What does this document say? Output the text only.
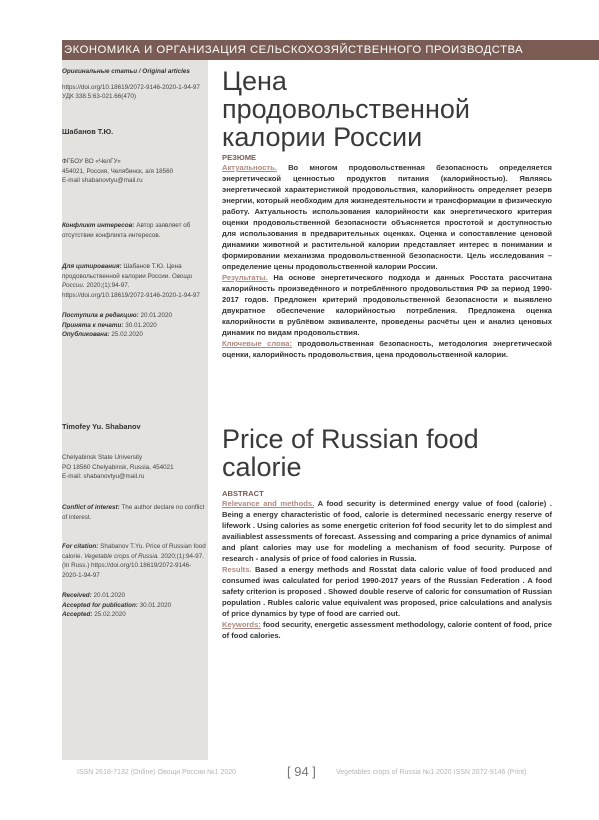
ЭКОНОМИКА И ОРГАНИЗАЦИЯ СЕЛЬСКОХОЗЯЙСТВЕННОГО ПРОИЗВОДСТВА

Оригинальные статьи / Original articles

https://doi.org/10.18619/2072-9146-2020-1-94-97

УДК 338.5:63-021.66(470)

Шабанов Т.Ю.

ФГБОУ ВО «ЧелГУ»

454021, Россия, Челябинск, а/я 18560

E-mail shabanovtyu@mail.ru

Конфликт интересов: Автор заявляет об отсутствии конфликта интересов.

Для цитирования: Шабанов Т.Ю. Цена продовольственной калории России. Овощи России. 2020;(1):94-97. https://doi.org/10.18619/2072-9146-2020-1-94-97

Поступила в редакцию: 20.01.2020

Принята к печати: 30.01.2020

Опубликована: 25.02.2020

Timofey Yu. Shabanov

Chelyabinsk State University

PO 18560 Chelyabinsk, Russia, 454021

E-mail: shabanovtyu@mail.ru

Conflict of interest: The author declare no conflict of interest.

For citation: Shabanov T.Yu. Price of Russian food calorie. Vegetable crops of Russia. 2020;(1):94-97. (In Russ.) https://doi.org/10.18619/2072-9146-2020-1-94-97

Received: 20.01.2020

Accepted for publication: 30.01.2020

Accepted: 25.02.2020

Цена продовольственной калории России

РЕЗЮМЕ

Актуальность. Во многом продовольственная безопасность определяется энергетической ценностью продуктов питания (калорийностью). Являясь энергетической характеристикой продовольствия, калорийность определяет резерв энергии, который необходим для жизнедеятельности и трансформации в физическую работу. Актуальность использования калорийности как энергетического критерия оценки продовольственной безопасности объясняется простотой и доступностью для использования в предварительных оценках. Оценка и сопоставление ценовой динамики животной и растительной калории представляет интерес в понимании и формировании механизма продовольственной безопасности. Цель исследования – определение цены продовольственной калории России.

Результаты. На основе энергетического подхода и данных Росстата рассчитана калорийность произведённого и потреблённого продовольствия РФ за период 1990-2017 годов. Предложен критерий продовольственной безопасности и выявлено двукратное обеспечение калорийностью потребления. Предложена оценка калорийности в рублёвом эквиваленте, проведены расчёты цен и анализ ценовых динамик по видам продовольствия.

Ключевые слова: продовольственная безопасность, методология энергетической оценки, калорийность продовольствия, цена продовольственной калории.

Price of Russian food calorie

ABSTRACT

Relevance and methods. A food security is determined energy value of food (calorie) . Being a energy characteristic of food, calorie is determined necessaric energy reserve of lifework . Using calories as some energetic criterion fof food security let to do simplest and availiablest assessments of forecast. Assessing and comparing a price dynamics of animal and plant calories may use for modeling a mechanism of food security. Purpose of research - analysis of price of food calories in Russia.

Results. Based a energy methods and Rosstat data caloric value of food produced and consumed iwas calculated for period 1990-2017 years of the Russian Federation . A food safety criterion is proposed . Showed double reserve of caloric for consumation of Russian population . Rubles caloric value equivalent was proposed, price calculations and analysis of price dynamics by type of food are carried out.

Keywords: food security, energetic assessment methodology, calorie content of food, price of food calories.

ISSN 2618-7132 (Online) Овощи России №1 2020	[ 94 ]	Vegetables crops of Russia №1 2020 ISSN 2072-9146 (Print)
